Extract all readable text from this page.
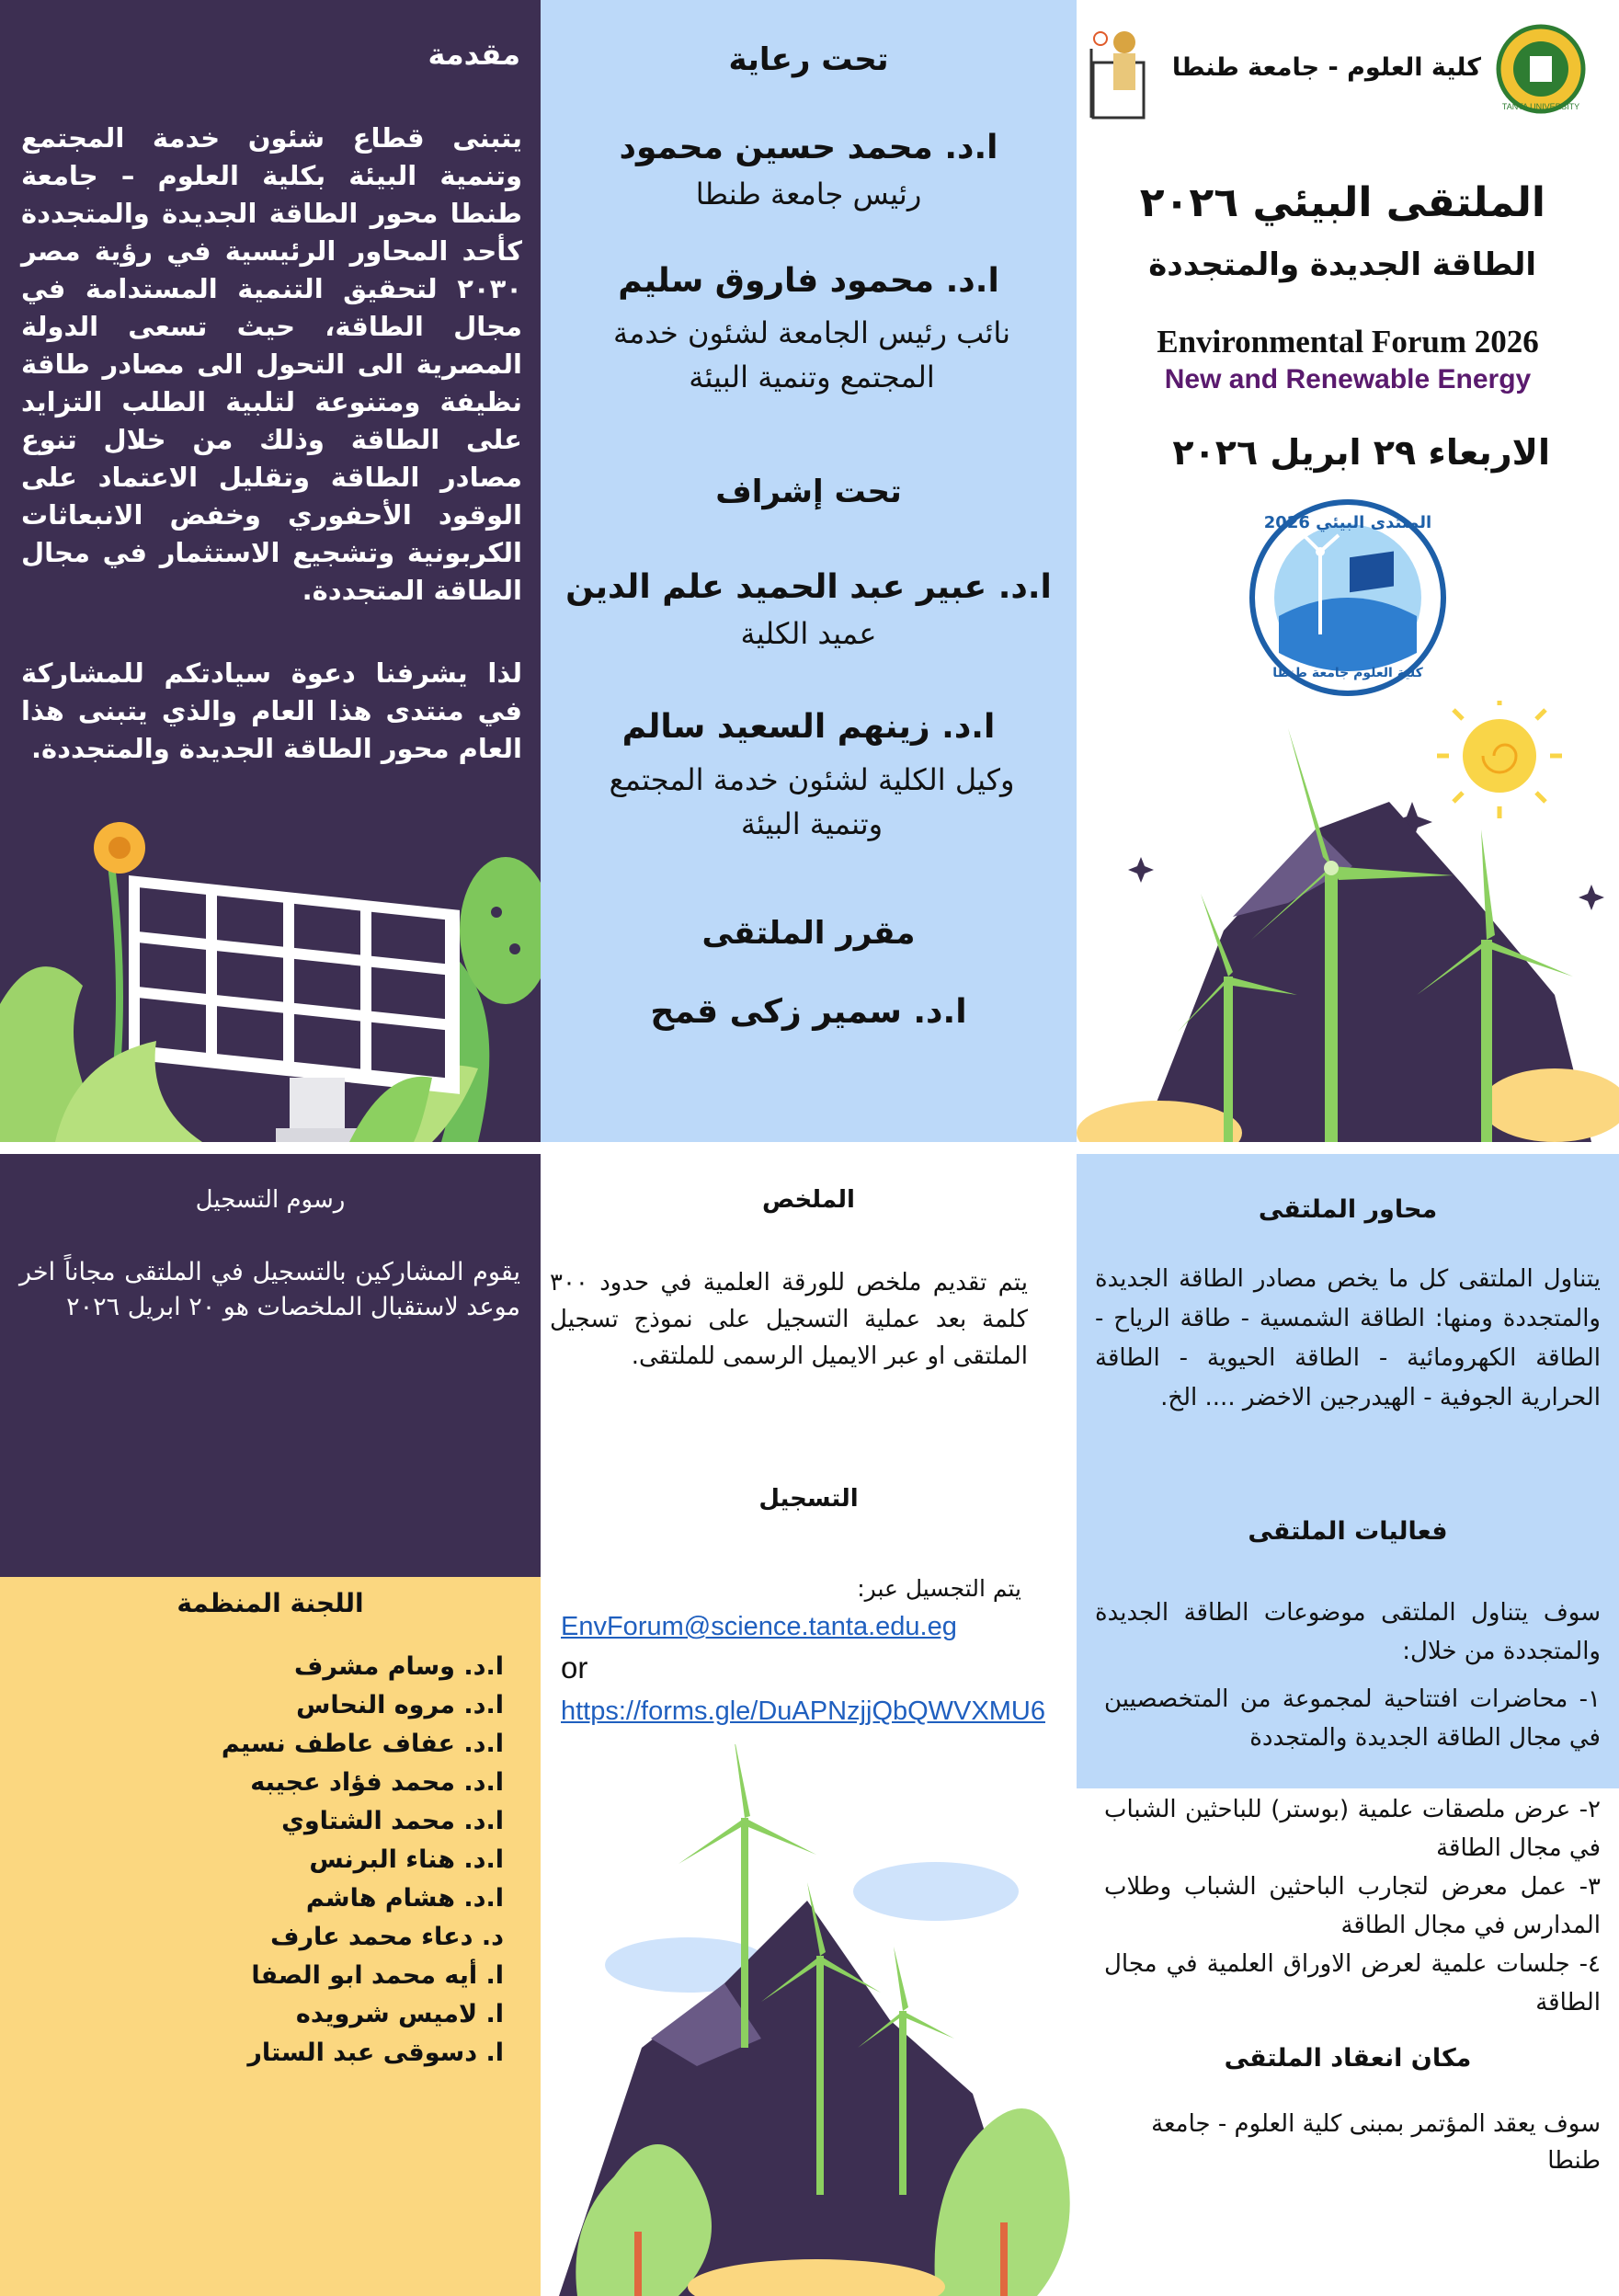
مقدمة
يتبنى قطاع شئون خدمة المجتمع وتنمية البيئة بكلية العلوم – جامعة طنطا محور الطاقة الجديدة والمتجددة كأحد المحاور الرئيسية في رؤية مصر ٢٠٣٠ لتحقيق التنمية المستدامة في مجال الطاقة، حيث تسعى الدولة المصرية الى التحول الى مصادر طاقة نظيفة ومتنوعة لتلبية الطلب التزايد على الطاقة وذلك من خلال تنوع مصادر الطاقة وتقليل الاعتماد على الوقود الأحفوري وخفض الانبعاثات الكربونية وتشجيع الاستثمار في مجال الطاقة المتجددة.
لذا يشرفنا دعوة سيادتكم للمشاركة في منتدى هذا العام والذي يتبنى هذا العام محور الطاقة الجديدة والمتجددة.
تحت رعاية
ا.د. محمد حسين محمود
رئيس جامعة طنطا
ا.د. محمود فاروق سليم
نائب رئيس الجامعة لشئون خدمة المجتمع وتنمية البيئة
تحت إشراف
ا.د. عبير عبد الحميد علم الدين
عميد الكلية
ا.د. زينهم السعيد سالم
وكيل الكلية لشئون خدمة المجتمع وتنمية البيئة
مقرر الملتقى
ا.د. سمير زكى قمح
TANTA UNIVERSITY
كلية العلوم - جامعة طنطا
الملتقى البيئي ٢٠٢٦
الطاقة الجديدة والمتجددة
Environmental Forum 2026
New and Renewable Energy
الاربعاء ٢٩ ابريل ٢٠٢٦
المنتدى البيئي 2026
كلية العلوم جامعة طنطا
رسوم التسجيل
يقوم المشاركين بالتسجيل في الملتقى مجاناً اخر موعد لاستقبال الملخصات هو ٢٠ ابريل ٢٠٢٦
اللجنة المنظمة
ا.د. وسام مشرف
ا.د. مروه النحاس
ا.د. عفاف عاطف نسيم
ا.د. محمد فؤاد عجيبه
ا.د. محمد الشتاوي
ا.د. هناء البرنس
ا.د. هشام هاشم
د. دعاء محمد عارف
ا. أيه محمد ابو الصفا
ا. لاميس شرويده
ا. دسوقى عبد الستار
الملخص
يتم تقديم ملخص للورقة العلمية في حدود ٣٠٠ كلمة بعد عملية التسجيل على نموذج تسجيل الملتقى او عبر الايميل الرسمى للملتقى.
التسجيل
يتم التجسيل عبر:
EnvForum@science.tanta.edu.eg
or
https://forms.gle/DuAPNzjjQbQWVXMU6
محاور الملتقى
يتناول الملتقى كل ما يخص مصادر الطاقة الجديدة والمتجددة ومنها: الطاقة الشمسية - طاقة الرياح - الطاقة الكهرومائية - الطاقة الحيوية - الطاقة الحرارية الجوفية - الهيدرجين الاخضر .... الخ.
فعاليات الملتقى
سوف يتناول الملتقى موضوعات الطاقة الجديدة والمتجددة من خلال:
١- محاضرات افتتاحية لمجموعة من المتخصصيين في مجال الطاقة الجديدة والمتجددة
٢- عرض ملصقات علمية (بوستر) للباحثين الشباب في مجال الطاقة
٣- عمل معرض لتجارب الباحثين الشباب وطلاب المدارس في مجال الطاقة
٤- جلسات علمية لعرض الاوراق العلمية في مجال الطاقة
مكان انعقاد الملتقى
سوف يعقد المؤتمر بمبنى كلية العلوم - جامعة طنطا
